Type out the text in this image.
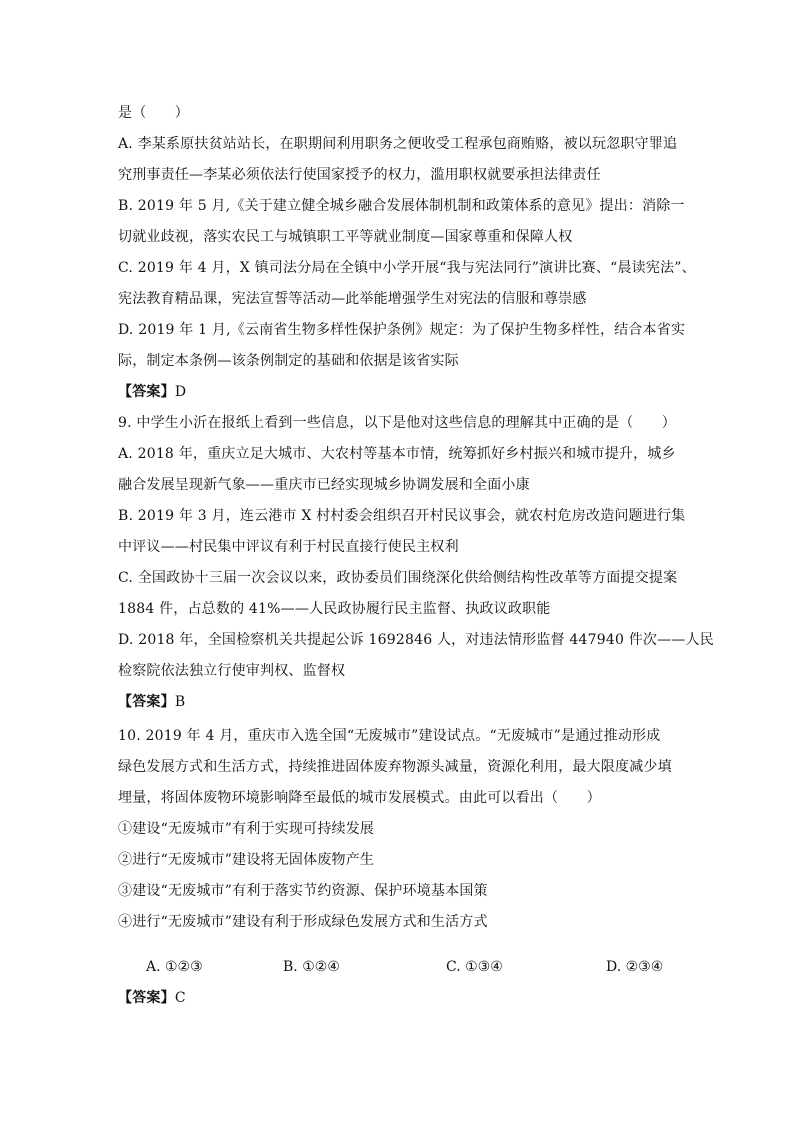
是（　　）
A. 李某系原扶贫站站长，在职期间利用职务之便收受工程承包商贿赂，被以玩忽职守罪追
究刑事责任—李某必须依法行使国家授予的权力，滥用职权就要承担法律责任
B. 2019 年 5 月,《关于建立健全城乡融合发展体制机制和政策体系的意见》提出：消除一
切就业歧视，落实农民工与城镇职工平等就业制度—国家尊重和保障人权
C. 2019 年 4 月，X 镇司法分局在全镇中小学开展“我与宪法同行”演讲比赛、“晨读宪法”、
宪法教育精品课，宪法宣誓等活动—此举能增强学生对宪法的信服和尊崇感
D. 2019 年 1 月,《云南省生物多样性保护条例》规定：为了保护生物多样性，结合本省实
际，制定本条例—该条例制定的基础和依据是该省实际
【答案】D
9. 中学生小沂在报纸上看到一些信息，以下是他对这些信息的理解其中正确的是（　　）
A. 2018 年，重庆立足大城市、大农村等基本市情，统筹抓好乡村振兴和城市提升，城乡
融合发展呈现新气象——重庆市已经实现城乡协调发展和全面小康
B. 2019 年 3 月，连云港市 X 村村委会组织召开村民议事会，就农村危房改造问题进行集
中评议——村民集中评议有利于村民直接行使民主权利
C. 全国政协十三届一次会议以来，政协委员们围绕深化供给侧结构性改革等方面提交提案
1884 件，占总数的 41%——人民政协履行民主监督、执政议政职能
D. 2018 年，全国检察机关共提起公诉 1692846 人，对违法情形监督 447940 件次——人民
检察院依法独立行使审判权、监督权
【答案】B
10. 2019 年 4 月，重庆市入选全国“无废城市”建设试点。“无废城市”是通过推动形成
绿色发展方式和生活方式，持续推进固体废弃物源头减量，资源化利用，最大限度减少填
埋量，将固体废物环境影响降至最低的城市发展模式。由此可以看出（　　）
①建设“无废城市”有利于实现可持续发展
②进行“无废城市”建设将无固体废物产生
③建设“无废城市”有利于落实节约资源、保护环境基本国策
④进行“无废城市”建设有利于形成绿色发展方式和生活方式
A. ①②③	B. ①②④	C. ①③④	D. ②③④
【答案】C
